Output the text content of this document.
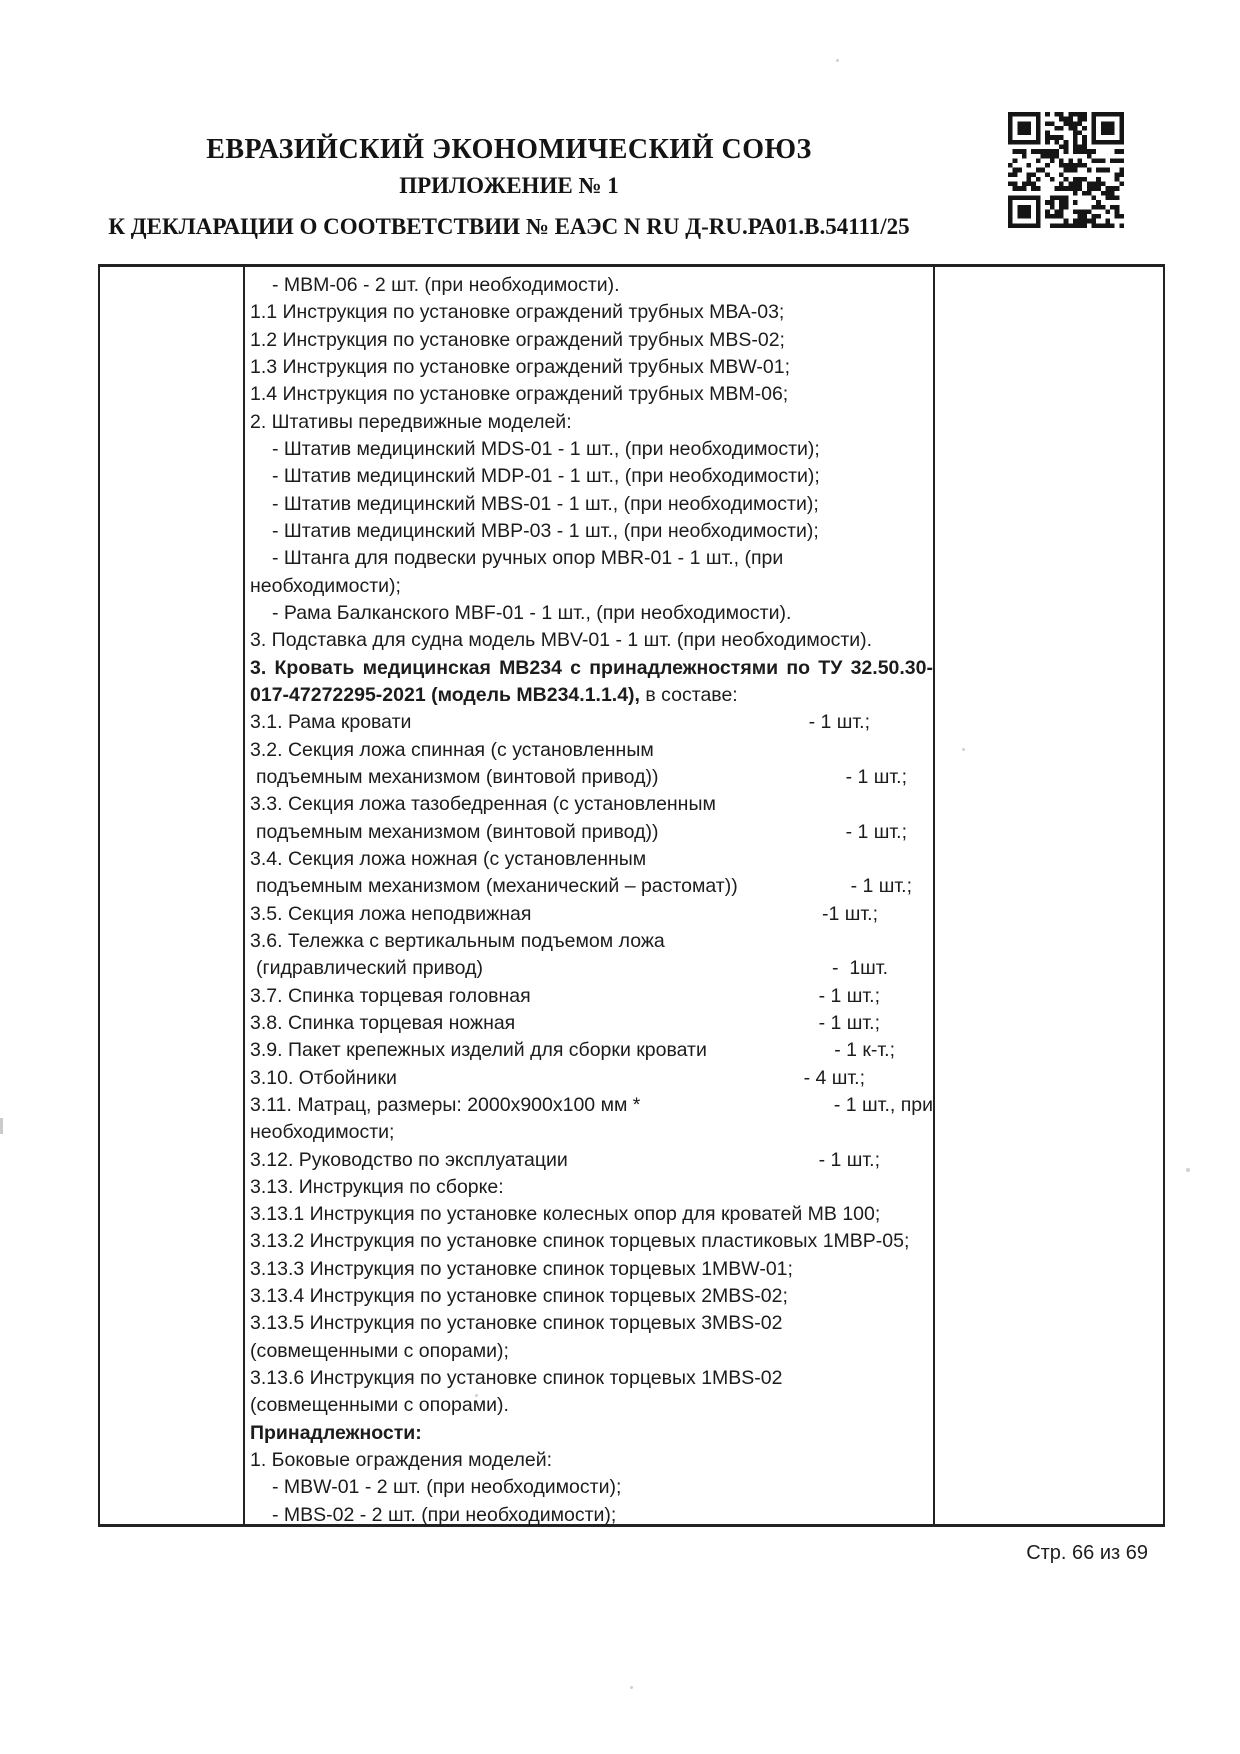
ЕВРАЗИЙСКИЙ ЭКОНОМИЧЕСКИЙ СОЮЗ
ПРИЛОЖЕНИЕ № 1
К ДЕКЛАРАЦИИ О СООТВЕТСТВИИ № ЕАЭС N RU Д-RU.РА01.В.54111/25
- МВМ-06 - 2 шт. (при необходимости).
1.1 Инструкция по установке ограждений трубных МВА-03;
1.2 Инструкция по установке ограждений трубных MBS-02;
1.3 Инструкция по установке ограждений трубных MBW-01;
1.4 Инструкция по установке ограждений трубных МВМ-06;
2. Штативы передвижные моделей:
- Штатив медицинский MDS-01 - 1 шт., (при необходимости);
- Штатив медицинский MDP-01 - 1 шт., (при необходимости);
- Штатив медицинский MBS-01 - 1 шт., (при необходимости);
- Штатив медицинский МВР-03 - 1 шт., (при необходимости);
- Штанга для подвески ручных опор MBR-01 - 1 шт., (при
необходимости);
- Рама Балканского MBF-01 - 1 шт., (при необходимости).
3. Подставка для судна модель MBV-01 - 1 шт. (при необходимости).
3. Кровать медицинская МВ234 с принадлежностями по ТУ 32.50.30-
017-47272295-2021 (модель МВ234.1.1.4), в составе:
3.1. Рама кровати	- 1 шт.;
3.2. Секция ложа спинная (с установленным
подъемным механизмом (винтовой привод))	- 1 шт.;
3.3. Секция ложа тазобедренная (с установленным
подъемным механизмом (винтовой привод))	- 1 шт.;
3.4. Секция ложа ножная (с установленным
подъемным механизмом (механический – растомат))	- 1 шт.;
3.5. Секция ложа неподвижная	-1 шт.;
3.6. Тележка с вертикальным подъемом ложа
(гидравлический привод)	-  1шт.
3.7. Спинка торцевая головная	- 1 шт.;
3.8. Спинка торцевая ножная	- 1 шт.;
3.9. Пакет крепежных изделий для сборки кровати	- 1 к-т.;
3.10. Отбойники	- 4 шт.;
3.11. Матрац, размеры: 2000х900х100 мм *	- 1 шт., при
необходимости;
3.12. Руководство по эксплуатации	- 1 шт.;
3.13. Инструкция по сборке:
3.13.1 Инструкция по установке колесных опор для кроватей МВ 100;
3.13.2 Инструкция по установке спинок торцевых пластиковых 1МВР-05;
3.13.3 Инструкция по установке спинок торцевых 1MBW-01;
3.13.4 Инструкция по установке спинок торцевых 2MBS-02;
3.13.5 Инструкция по установке спинок торцевых 3MBS-02
(совмещенными с опорами);
3.13.6 Инструкция по установке спинок торцевых 1MBS-02
(совмещенными с опорами).
Принадлежности:
1. Боковые ограждения моделей:
- MBW-01 - 2 шт. (при необходимости);
- MBS-02 - 2 шт. (при необходимости);
Стр. 66 из 69
